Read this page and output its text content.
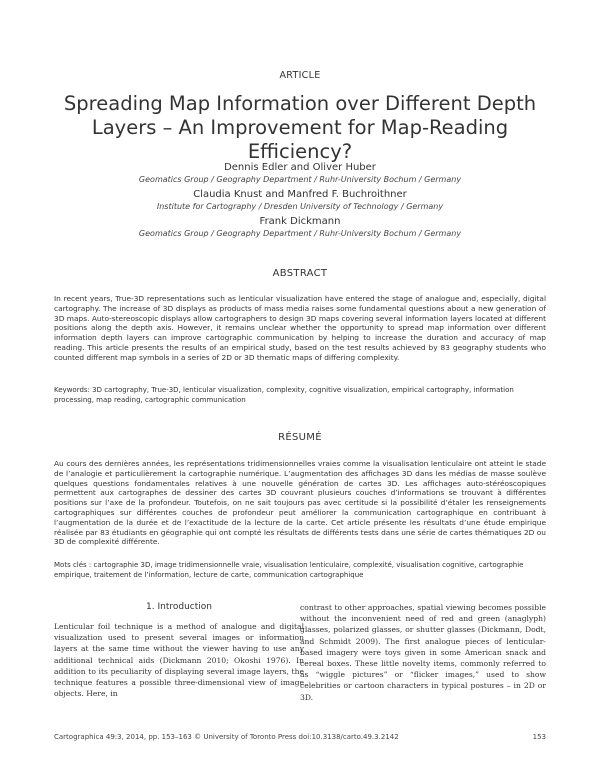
ARTICLE
Spreading Map Information over Different Depth
Layers – An Improvement for Map-Reading Efficiency?
Dennis Edler and Oliver Huber
Geomatics Group / Geography Department / Ruhr-University Bochum / Germany
Claudia Knust and Manfred F. Buchroithner
Institute for Cartography / Dresden University of Technology / Germany
Frank Dickmann
Geomatics Group / Geography Department / Ruhr-University Bochum / Germany
ABSTRACT
In recent years, True-3D representations such as lenticular visualization have entered the stage of analogue and, especially, digital cartography. The increase of 3D displays as products of mass media raises some fundamental questions about a new generation of 3D maps. Auto-stereoscopic displays allow cartographers to design 3D maps covering several information layers located at different positions along the depth axis. However, it remains unclear whether the opportunity to spread map information over different information depth layers can improve cartographic communication by helping to increase the duration and accuracy of map reading. This article presents the results of an empirical study, based on the test results achieved by 83 geography students who counted different map symbols in a series of 2D or 3D thematic maps of differing complexity.
Keywords: 3D cartography, True-3D, lenticular visualization, complexity, cognitive visualization, empirical cartography, information processing, map reading, cartographic communication
RÉSUMÉ
Au cours des dernières années, les représentations tridimensionnelles vraies comme la visualisation lenticulaire ont atteint le stade de l’analogie et particulièrement la cartographie numérique. L’augmentation des affichages 3D dans les médias de masse soulève quelques questions fondamentales relatives à une nouvelle génération de cartes 3D. Les affichages auto-stéréoscopiques permettent aux cartographes de dessiner des cartes 3D couvrant plusieurs couches d’informations se trouvant à différentes positions sur l’axe de la profondeur. Toutefois, on ne sait toujours pas avec certitude si la possibilité d’étaler les renseignements cartographiques sur différentes couches de profondeur peut améliorer la communication cartographique en contribuant à l’augmentation de la durée et de l’exactitude de la lecture de la carte. Cet article présente les résultats d’une étude empirique réalisée par 83 étudiants en géographie qui ont compté les résultats de différents tests dans une série de cartes thématiques 2D ou 3D de complexité différente.
Mots clés : cartographie 3D, image tridimensionnelle vraie, visualisation lenticulaire, complexité, visualisation cognitive, cartographie empirique, traitement de l’information, lecture de carte, communication cartographique
1. Introduction

Lenticular foil technique is a method of analogue and digital visualization used to present several images or information layers at the same time without the viewer having to use any additional technical aids (Dickmann 2010; Okoshi 1976). In addition to its peculiarity of displaying several image layers, the technique features a possible three-dimensional view of image objects. Here, in

contrast to other approaches, spatial viewing becomes possible without the inconvenient need of red and green (anaglyph) glasses, polarized glasses, or shutter glasses (Dickmann, Dodt, and Schmidt 2009). The first analogue pieces of lenticular-based imagery were toys given in some American snack and cereal boxes. These little novelty items, commonly referred to as “wiggle pictures” or “flicker images,” used to show celebrities or cartoon characters in typical postures – in 2D or 3D.

Cartographica 49:3, 2014, pp. 153–163 © University of Toronto Press doi:10.3138/carto.49.3.2142	153
